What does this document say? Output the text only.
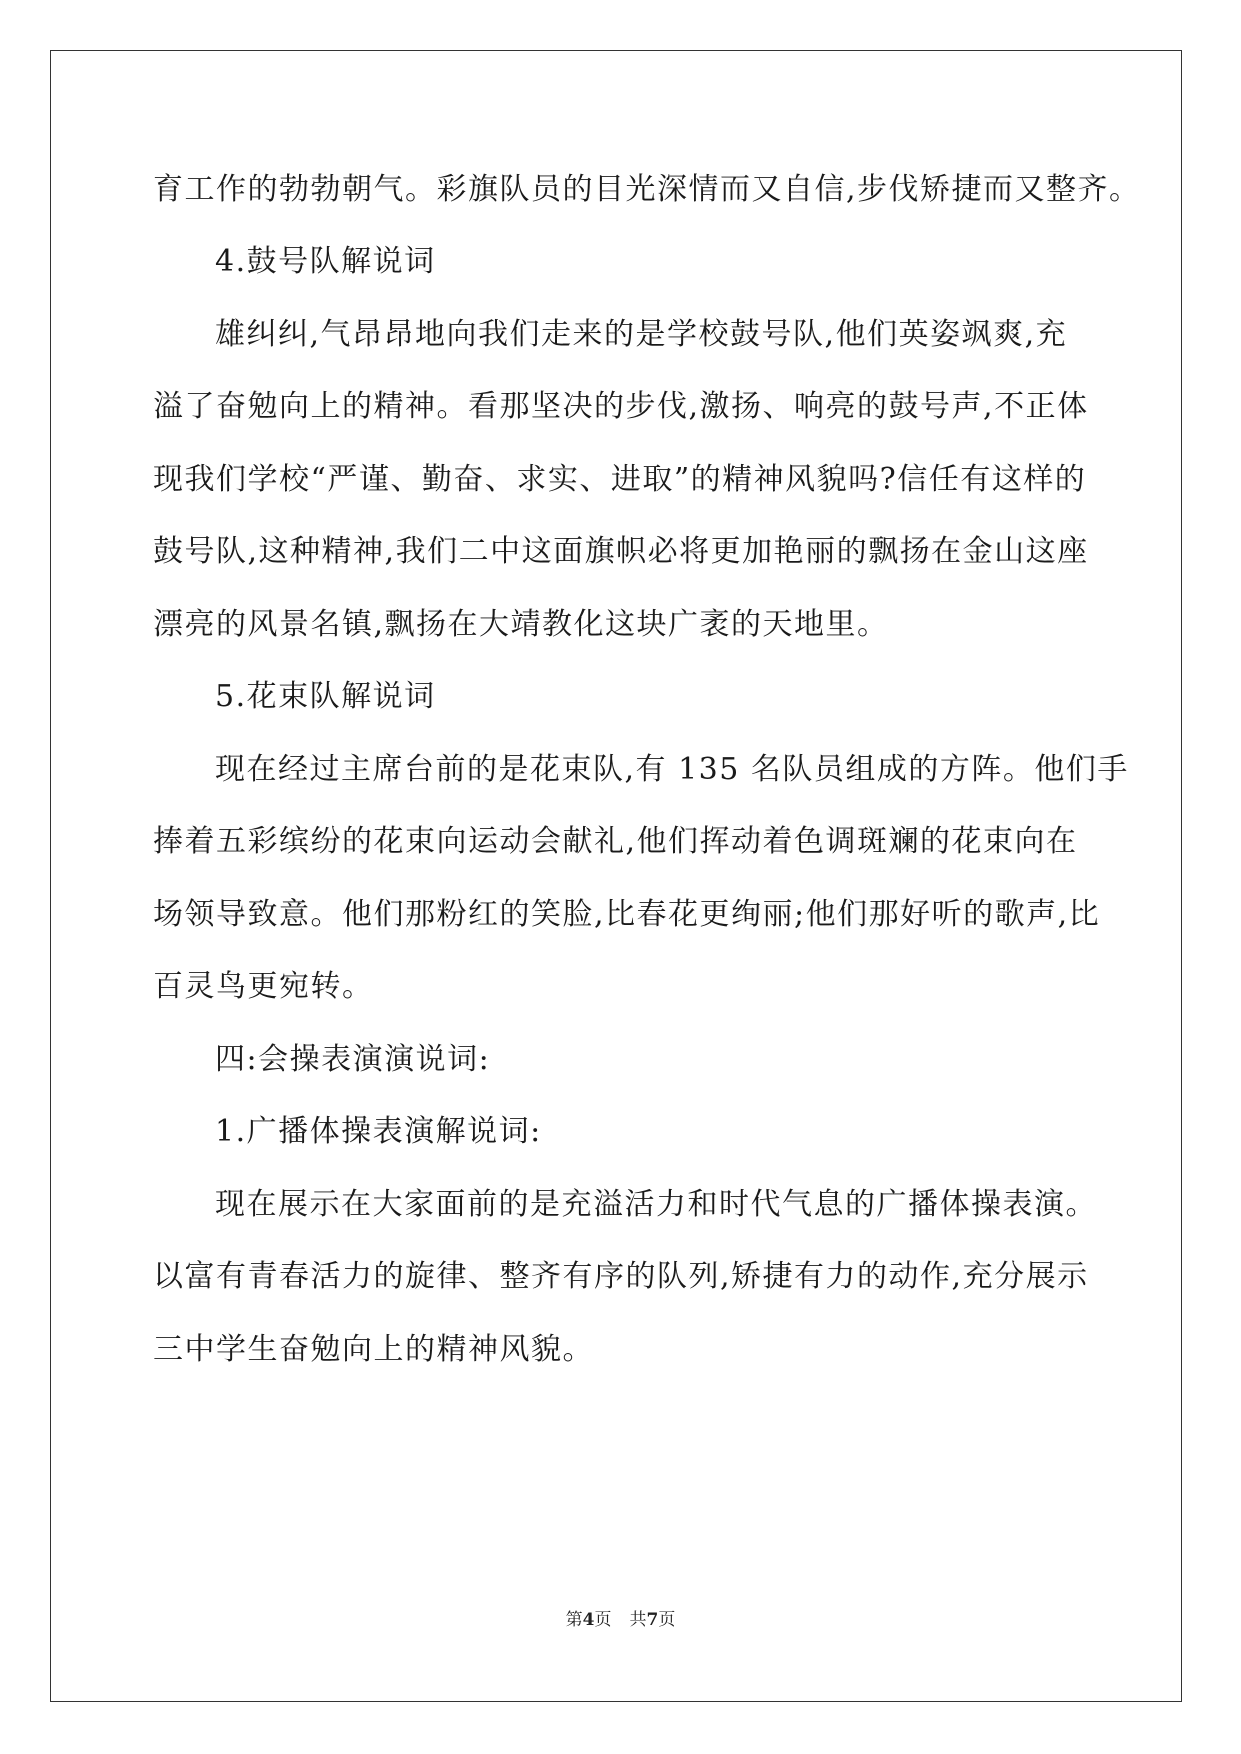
育工作的勃勃朝气。彩旗队员的目光深情而又自信,步伐矫捷而又整齐。
4.鼓号队解说词
雄纠纠,气昂昂地向我们走来的是学校鼓号队,他们英姿飒爽,充
溢了奋勉向上的精神。看那坚决的步伐,激扬、响亮的鼓号声,不正体
现我们学校“严谨、勤奋、求实、进取”的精神风貌吗?信任有这样的
鼓号队,这种精神,我们二中这面旗帜必将更加艳丽的飘扬在金山这座
漂亮的风景名镇,飘扬在大靖教化这块广袤的天地里。
5.花束队解说词
现在经过主席台前的是花束队,有 135 名队员组成的方阵。他们手
捧着五彩缤纷的花束向运动会献礼,他们挥动着色调斑斓的花束向在
场领导致意。他们那粉红的笑脸,比春花更绚丽;他们那好听的歌声,比
百灵鸟更宛转。
四:会操表演演说词:
1.广播体操表演解说词:
现在展示在大家面前的是充溢活力和时代气息的广播体操表演。
以富有青春活力的旋律、整齐有序的队列,矫捷有力的动作,充分展示
三中学生奋勉向上的精神风貌。
第4页 共7页
